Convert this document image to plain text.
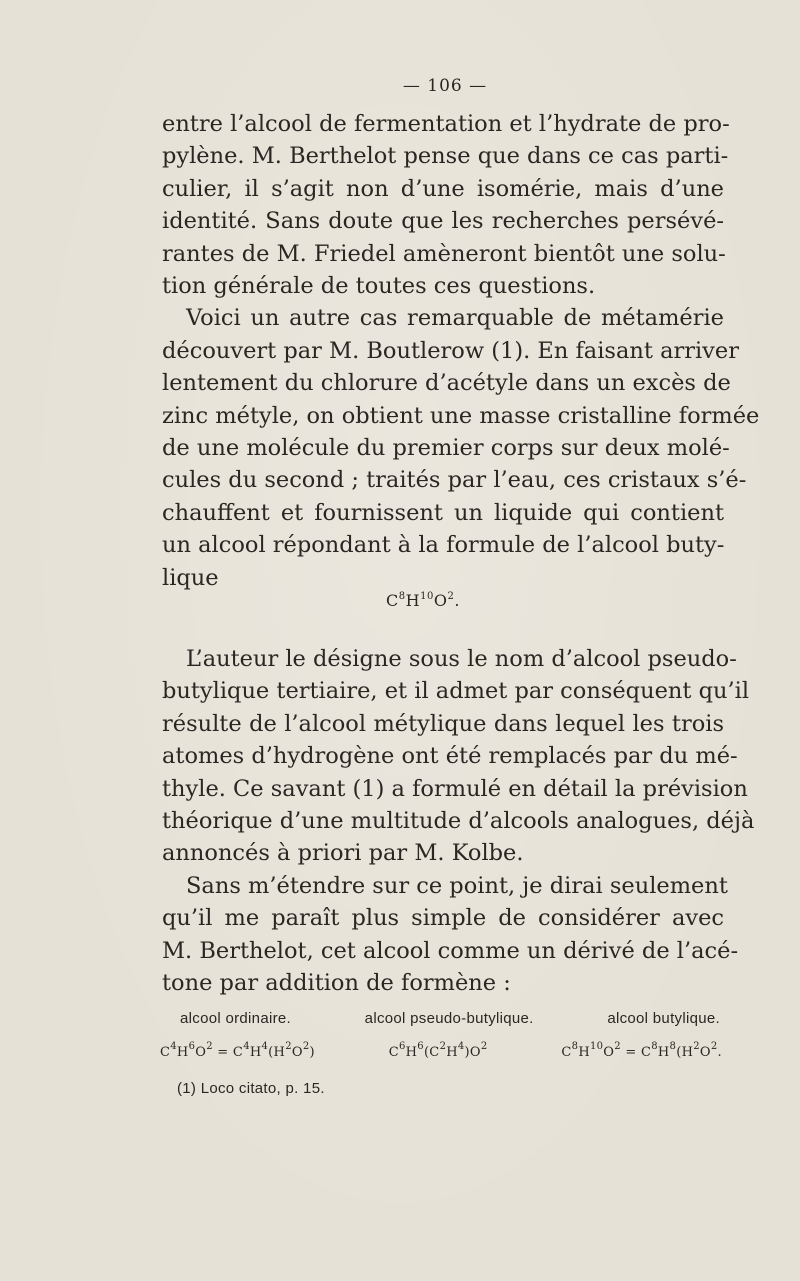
— 106 —
entre l’alcool de fermentation et l’hydrate de pro-
pylène. M. Berthelot pense que dans ce cas parti-
culier, il s’agit non d’une isomérie, mais d’une
identité. Sans doute que les recherches persévé-
rantes de M. Friedel amèneront bientôt une solu-
tion générale de toutes ces questions.
Voici un autre cas remarquable de métamérie
découvert par M. Boutlerow (1). En faisant arriver
lentement du chlorure d’acétyle dans un excès de
zinc métyle, on obtient une masse cristalline formée
de une molécule du premier corps sur deux molé-
cules du second ; traités par l’eau, ces cristaux s’é-
chauffent et fournissent un liquide qui contient
un alcool répondant à la formule de l’alcool buty-
lique
$C^8H^{10}O^2$.
L’auteur le désigne sous le nom d’alcool pseudo-
butylique tertiaire, et il admet par conséquent qu’il
résulte de l’alcool métylique dans lequel les trois
atomes d’hydrogène ont été remplacés par du mé-
thyle. Ce savant (1) a formulé en détail la prévision
théorique d’une multitude d’alcools analogues, déjà
annoncés à priori par M. Kolbe.
Sans m’étendre sur ce point, je dirai seulement
qu’il me paraît plus simple de considérer avec
M. Berthelot, cet alcool comme un dérivé de l’acé-
tone par addition de formène :
alcool ordinaire.	alcool pseudo-butylique.	alcool butylique.
$C^4H^6O^2 = C^4H^4(H^2O^2)$	$C^6H^6(C^2H^4)O^2$	$C^8H^{10}O^2 = C^8H^8(H^2O^2$.
(1) Loco citato, p. 15.
